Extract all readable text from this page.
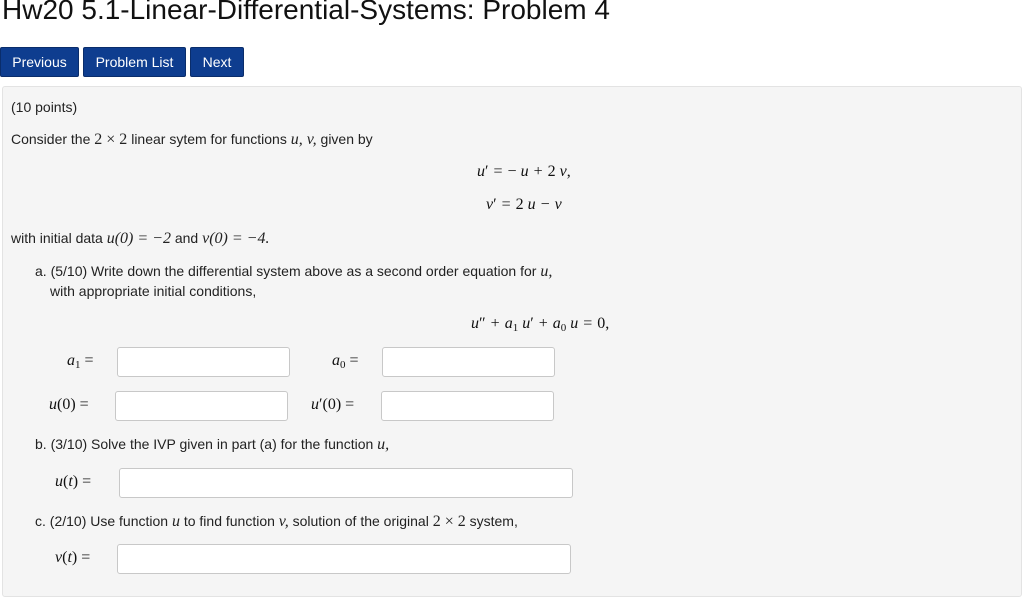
Hw20 5.1-Linear-Differential-Systems: Problem 4
Previous	Problem List	Next
(10 points)
Consider the 2 × 2 linear sytem for functions u, v, given by
u′ = − u + 2 v,
v′ = 2 u − v
with initial data u(0) = −2 and v(0) = −4.
a. (5/10) Write down the differential system above as a second order equation for u,
with appropriate initial conditions,
$u'' + a_1$ $u' + a_0$ u = 0,
$a_1$ =	$a_0$ =
u(0) =	u′(0) =
b. (3/10) Solve the IVP given in part (a) for the function u,
u(t) =
c. (2/10) Use function u to find function v, solution of the original 2 × 2 system,
v(t) =
